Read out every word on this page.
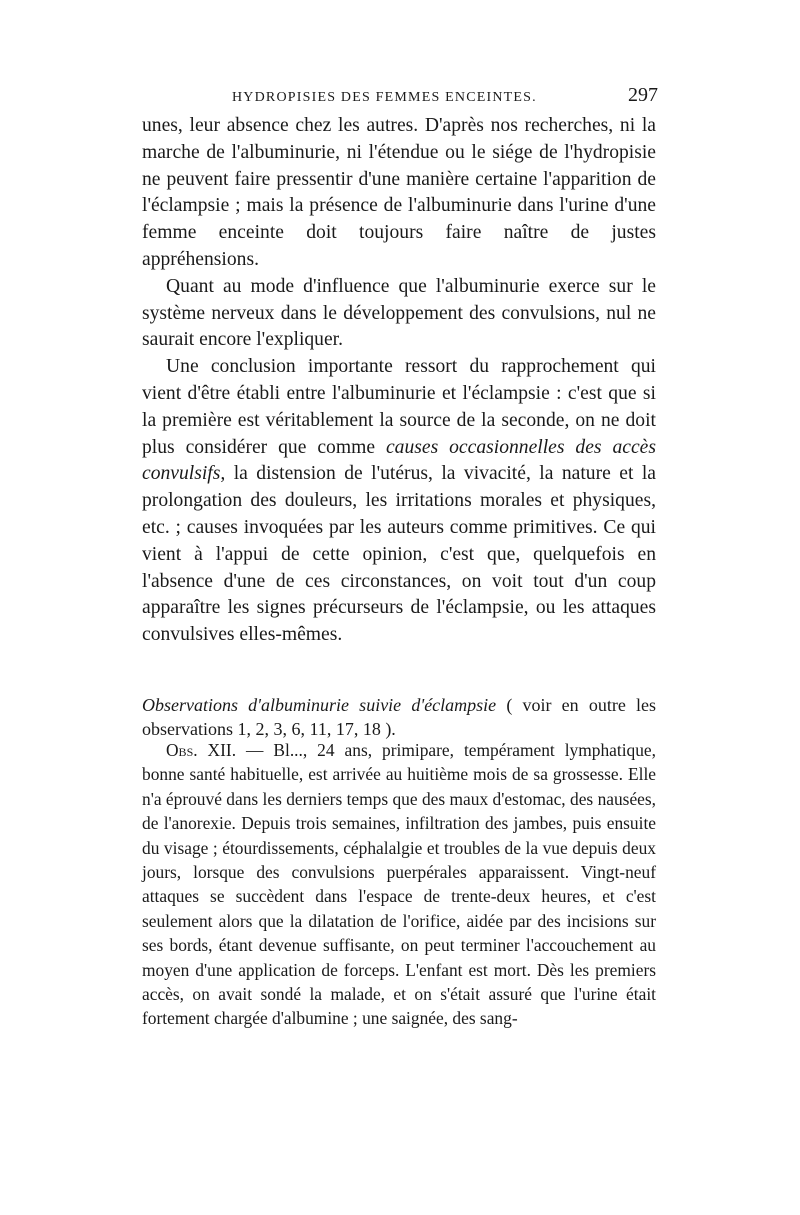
HYDROPISIES DES FEMMES ENCEINTES.	297

unes, leur absence chez les autres. D'après nos recherches, ni la marche de l'albuminurie, ni l'étendue ou le siége de l'hydropisie ne peuvent faire pressentir d'une manière certaine l'apparition de l'éclampsie ; mais la présence de l'albuminurie dans l'urine d'une femme enceinte doit toujours faire naître de justes appréhensions.

Quant au mode d'influence que l'albuminurie exerce sur le système nerveux dans le développement des convulsions, nul ne saurait encore l'expliquer.

Une conclusion importante ressort du rapprochement qui vient d'être établi entre l'albuminurie et l'éclampsie : c'est que si la première est véritablement la source de la seconde, on ne doit plus considérer que comme causes occasionnelles des accès convulsifs, la distension de l'utérus, la vivacité, la nature et la prolongation des douleurs, les irritations morales et physiques, etc. ; causes invoquées par les auteurs comme primitives. Ce qui vient à l'appui de cette opinion, c'est que, quelquefois en l'absence d'une de ces circonstances, on voit tout d'un coup apparaître les signes précurseurs de l'éclampsie, ou les attaques convulsives elles-mêmes.

Observations d'albuminurie suivie d'éclampsie ( voir en outre les observations 1, 2, 3, 6, 11, 17, 18 ).

Obs. XII. — Bl..., 24 ans, primipare, tempérament lymphatique, bonne santé habituelle, est arrivée au huitième mois de sa grossesse. Elle n'a éprouvé dans les derniers temps que des maux d'estomac, des nausées, de l'anorexie. Depuis trois semaines, infiltration des jambes, puis ensuite du visage ; étourdissements, céphalalgie et troubles de la vue depuis deux jours, lorsque des convulsions puerpérales apparaissent. Vingt-neuf attaques se succèdent dans l'espace de trente-deux heures, et c'est seulement alors que la dilatation de l'orifice, aidée par des incisions sur ses bords, étant devenue suffisante, on peut terminer l'accouchement au moyen d'une application de forceps. L'enfant est mort. Dès les premiers accès, on avait sondé la malade, et on s'était assuré que l'urine était fortement chargée d'albumine ; une saignée, des sang-
